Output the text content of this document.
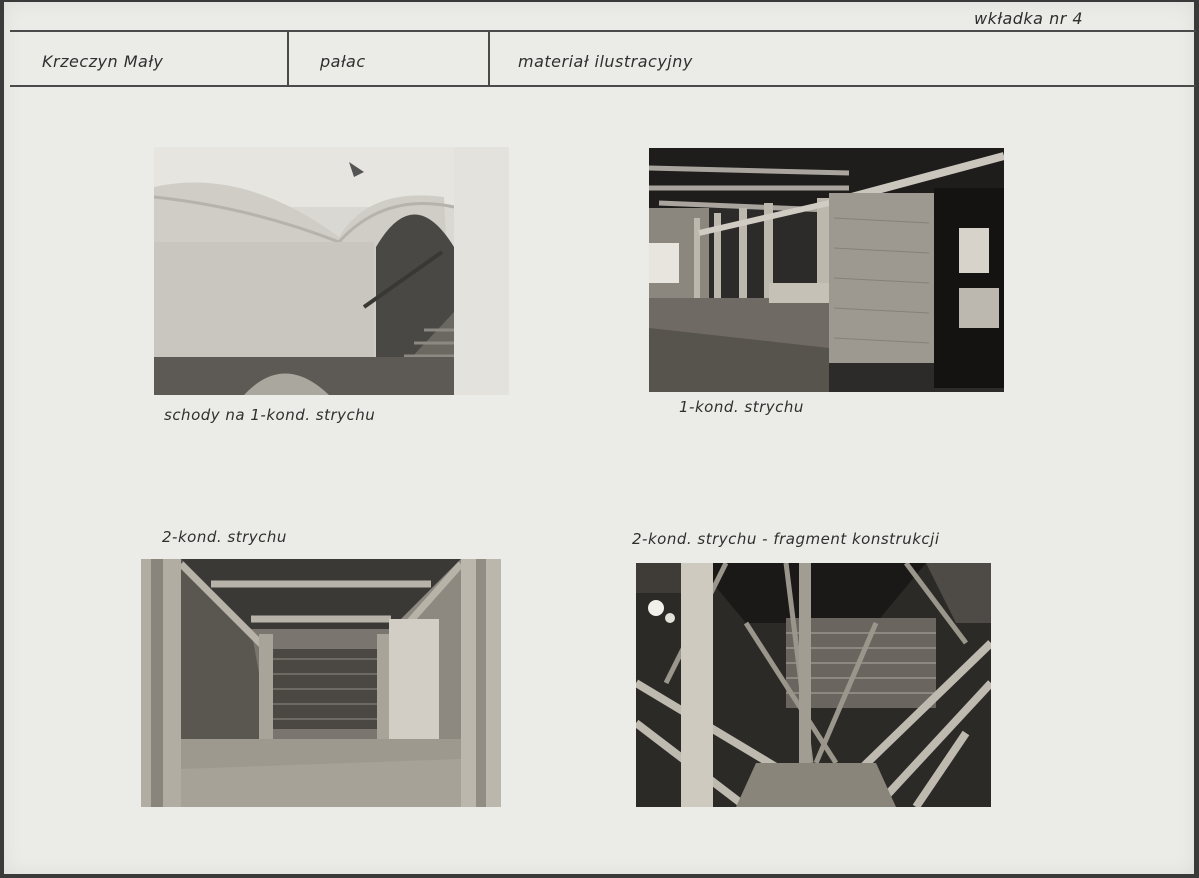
wkładka nr 4
Krzeczyn Mały	pałac	materiał ilustracyjny
schody na 1-kond. strychu	1-kond. strychu
2-kond. strychu	2-kond. strychu - fragment konstrukcji
